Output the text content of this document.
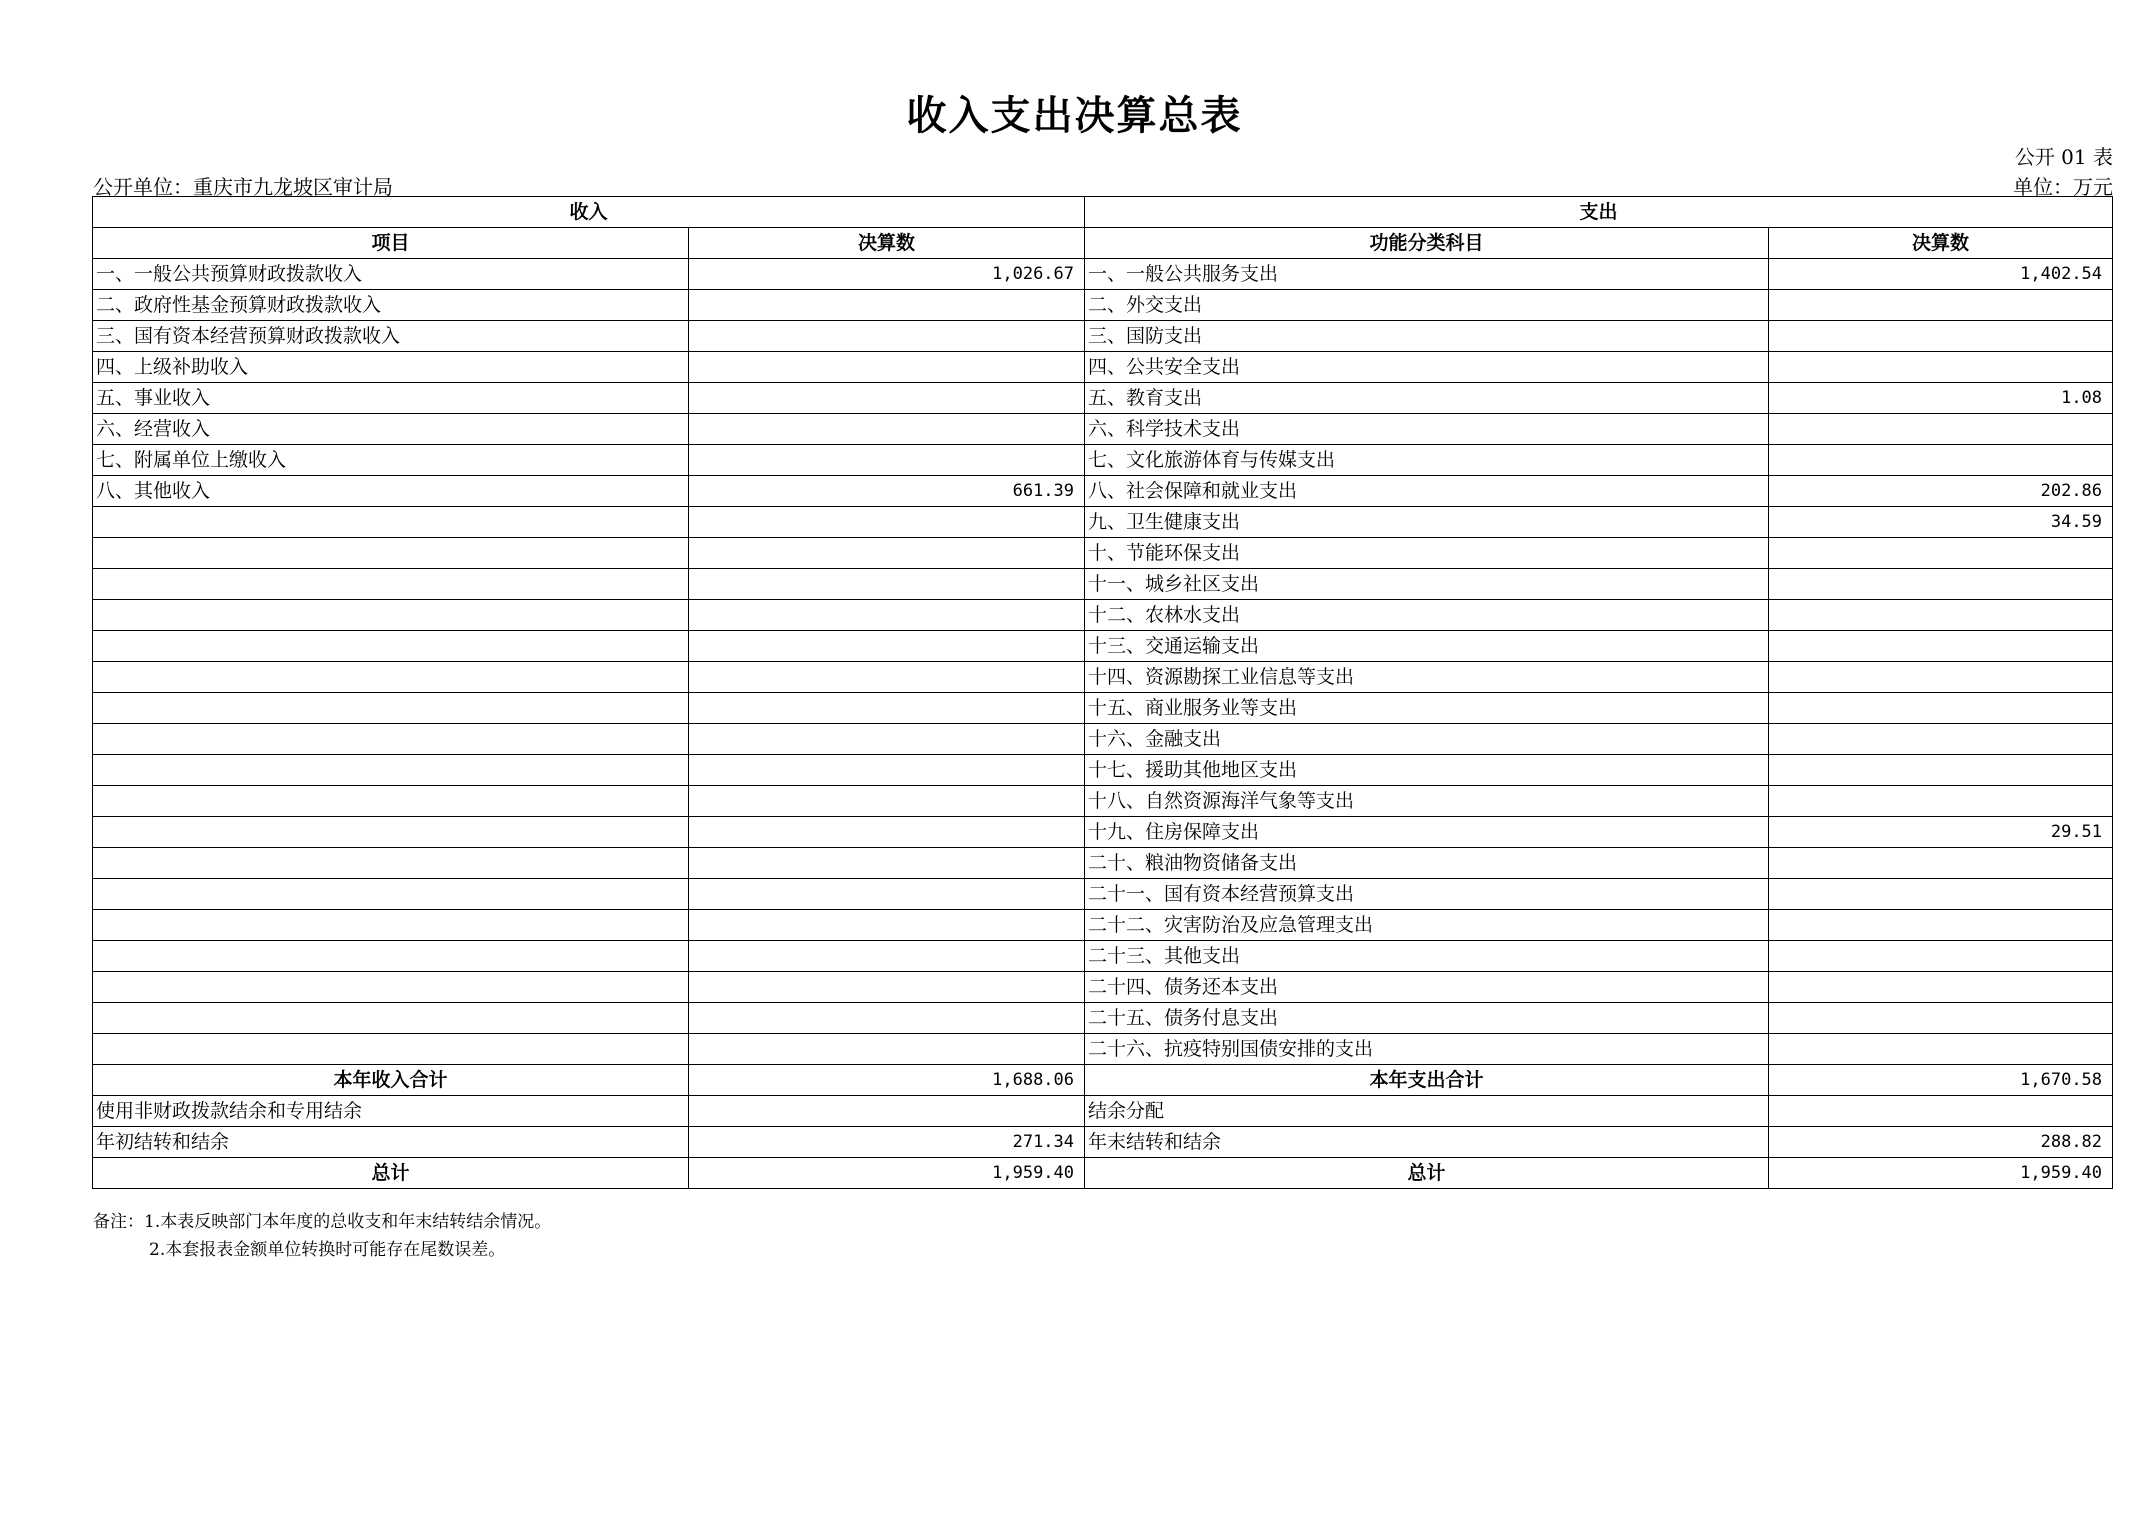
收入支出决算总表
公开 01 表
公开单位：重庆市九龙坡区审计局	单位：万元
收入		支出	
项目	决算数	功能分类科目	决算数
一、一般公共预算财政拨款收入	1,026.67	一、一般公共服务支出	1,402.54
二、政府性基金预算财政拨款收入		二、外交支出	
三、国有资本经营预算财政拨款收入		三、国防支出	
四、上级补助收入		四、公共安全支出	
五、事业收入		五、教育支出	1.08
六、经营收入		六、科学技术支出	
七、附属单位上缴收入		七、文化旅游体育与传媒支出	
八、其他收入	661.39	八、社会保障和就业支出	202.86
		九、卫生健康支出	34.59
		十、节能环保支出	
		十一、城乡社区支出	
		十二、农林水支出	
		十三、交通运输支出	
		十四、资源勘探工业信息等支出	
		十五、商业服务业等支出	
		十六、金融支出	
		十七、援助其他地区支出	
		十八、自然资源海洋气象等支出	
		十九、住房保障支出	29.51
		二十、粮油物资储备支出	
		二十一、国有资本经营预算支出	
		二十二、灾害防治及应急管理支出	
		二十三、其他支出	
		二十四、债务还本支出	
		二十五、债务付息支出	
		二十六、抗疫特别国债安排的支出	
本年收入合计	1,688.06	本年支出合计	1,670.58
使用非财政拨款结余和专用结余		结余分配	
年初结转和结余	271.34	年末结转和结余	288.82
总计	1,959.40	总计	1,959.40
备注：1.本表反映部门本年度的总收支和年末结转结余情况。
2.本套报表金额单位转换时可能存在尾数误差。
